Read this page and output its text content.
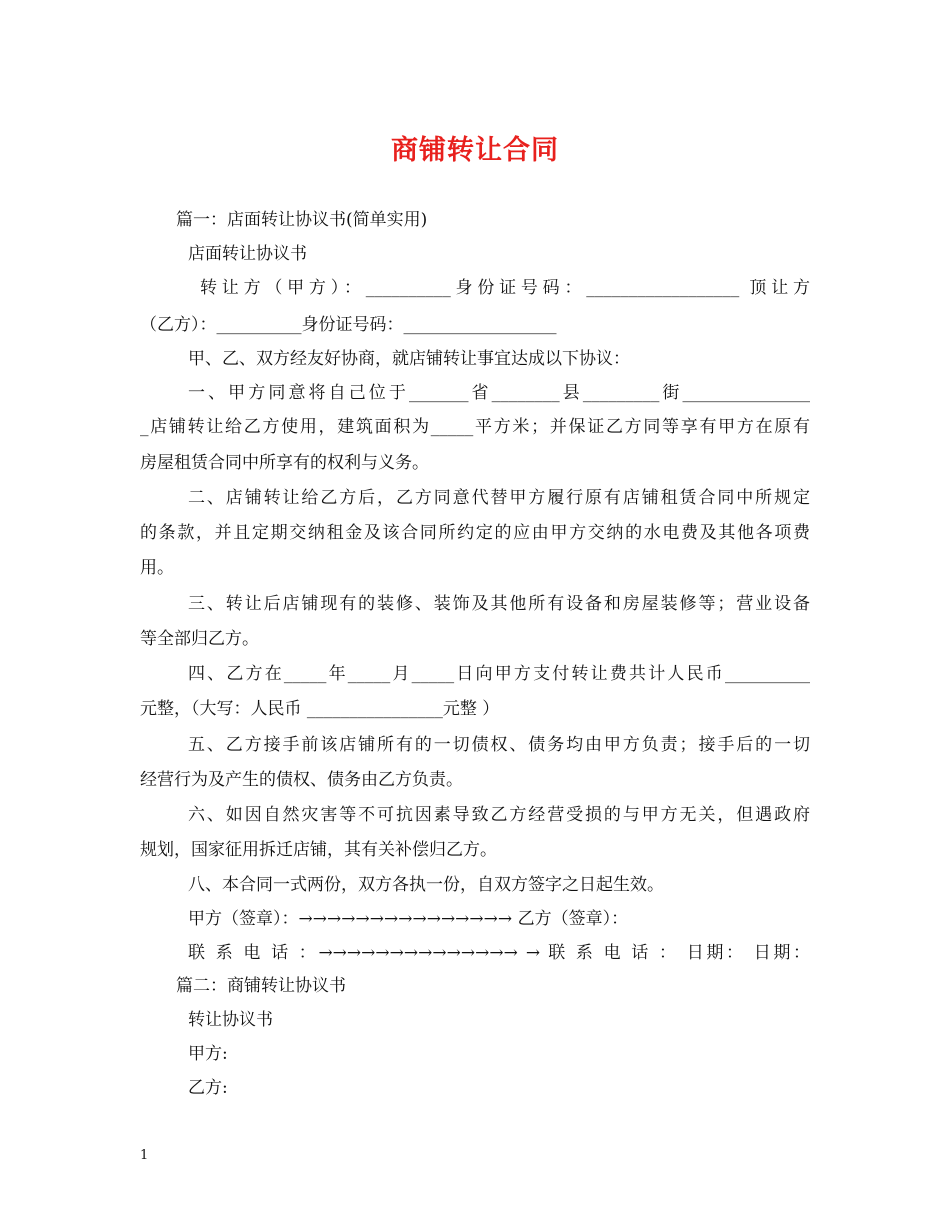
商铺转让合同
篇一：店面转让协议书(简单实用)
店面转让协议书
转让方（甲方）：__________身份证号码：__________________ 顶让方
（乙方）：__________身份证号码：__________________
甲、乙、双方经友好协商，就店铺转让事宜达成以下协议：
一、甲方同意将自己位于_______省________县_________街_______________
_店铺转让给乙方使用，建筑面积为_____平方米；并保证乙方同等享有甲方在原有
房屋租赁合同中所享有的权利与义务。
二、店铺转让给乙方后，乙方同意代替甲方履行原有店铺租赁合同中所规定
的条款，并且定期交纳租金及该合同所约定的应由甲方交纳的水电费及其他各项费
用。
三、转让后店铺现有的装修、装饰及其他所有设备和房屋装修等；营业设备
等全部归乙方。
四、乙方在_____年_____月_____日向甲方支付转让费共计人民币__________
元整，（大写：人民币 ________________元整 ）
五、乙方接手前该店铺所有的一切债权、债务均由甲方负责；接手后的一切
经营行为及产生的债权、债务由乙方负责。
六、如因自然灾害等不可抗因素导致乙方经营受损的与甲方无关，但遇政府
规划，国家征用拆迁店铺，其有关补偿归乙方。
八、本合同一式两份，双方各执一份，自双方签字之日起生效。
甲方（签章）：→→→→→→→→→→→→→→→ 乙方（签章）：
联 系 电 话 ：→→→→→→→→→→→→→→ → 联 系 电 话 ： 日期： 日期：
篇二：商铺转让协议书
转让协议书
甲方:
乙方:
1
